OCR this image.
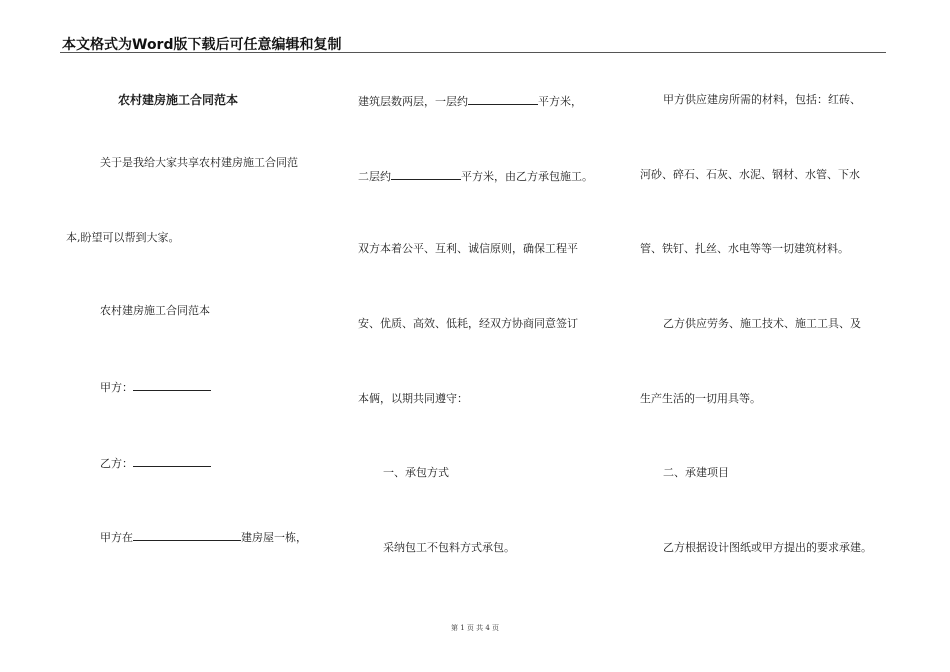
本文格式为Word版下载后可任意编辑和复制
农村建房施工合同范本
关于是我给大家共享农村建房施工合同范
本,盼望可以帮到大家。
农村建房施工合同范本
甲方：
乙方：
甲方在	建房屋一栋，
建筑层数两层，一层约	平方米，
二层约	平方米，由乙方承包施工。
双方本着公平、互利、诚信原则，确保工程平
安、优质、高效、低耗，经双方协商同意签订
本俩，以期共同遵守：
一、承包方式
采纳包工不包料方式承包。
甲方供应建房所需的材料，包括：红砖、
河砂、碎石、石灰、水泥、钢材、水管、下水
管、铁钉、扎丝、水电等等一切建筑材料。
乙方供应劳务、施工技术、施工工具、及
生产生活的一切用具等。
二、承建项目
乙方根据设计图纸或甲方提出的要求承建。
第 1 页 共 4 页
